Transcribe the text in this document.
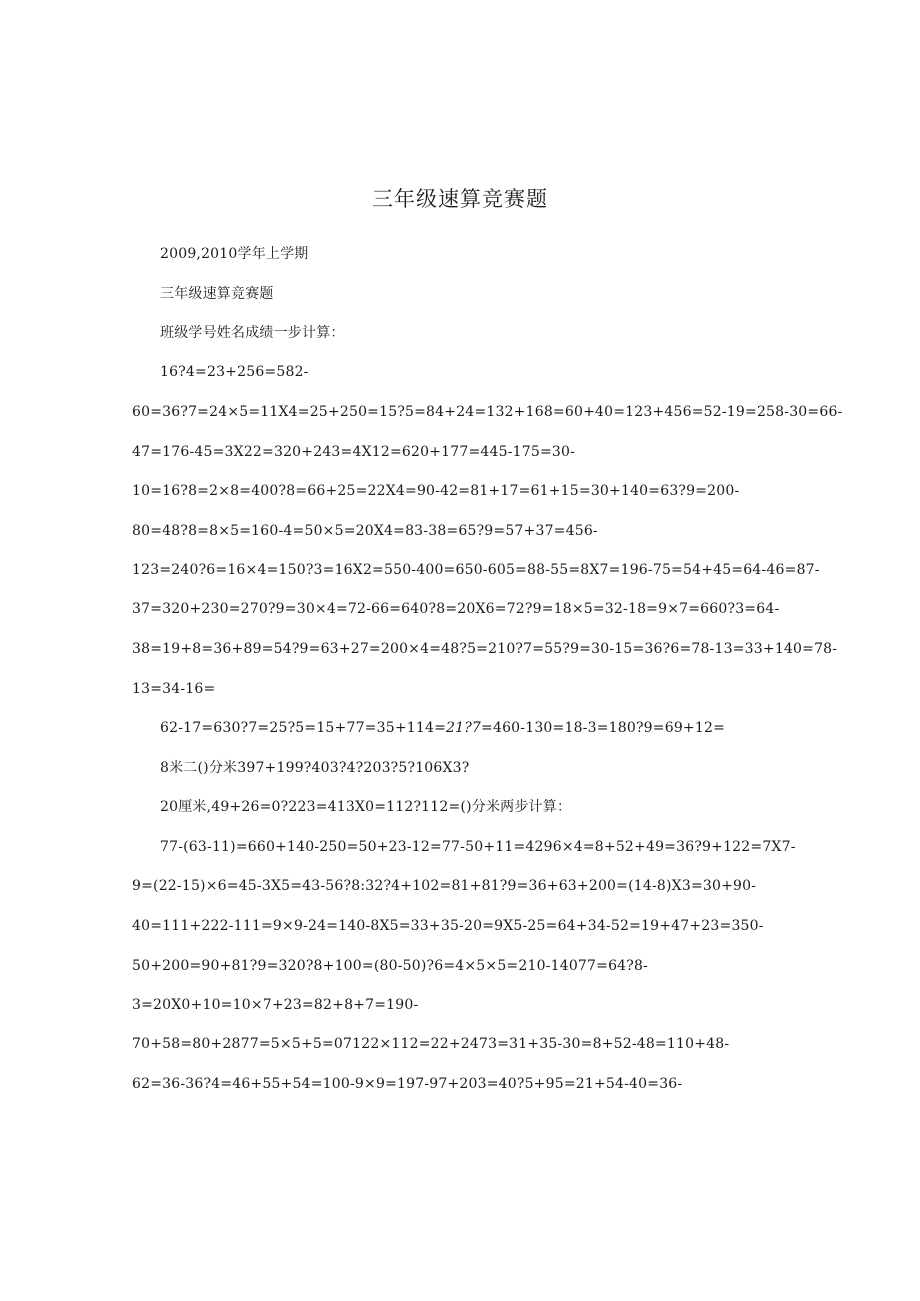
三年级速算竞赛题
2009,2010学年上学期
三年级速算竞赛题
班级学号姓名成绩一步计算：
16?4=23+256=582-
60=36?7=24×5=11X4=25+250=15?5=84+24=132+168=60+40=123+456=52-19=258-30=66-
47=176-45=3X22=320+243=4X12=620+177=445-175=30-
10=16?8=2×8=400?8=66+25=22X4=90-42=81+17=61+15=30+140=63?9=200-
80=48?8=8×5=160-4=50×5=20X4=83-38=65?9=57+37=456-
123=240?6=16×4=150?3=16X2=550-400=650-605=88-55=8X7=196-75=54+45=64-46=87-
37=320+230=270?9=30×4=72-66=640?8=20X6=72?9=18×5=32-18=9×7=660?3=64-
38=19+8=36+89=54?9=63+27=200×4=48?5=210?7=55?9=30-15=36?6=78-13=33+140=78-
13=34-16=
62-17=630?7=25?5=15+77=35+114=21?7=460-130=18-3=180?9=69+12=
8米二()分米397+199?403?4?203?5?106X3?
20厘米,49+26=0?223=413X0=112?112=()分米两步计算：
77-(63-11)=660+140-250=50+23-12=77-50+11=4296×4=8+52+49=36?9+122=7X7-
9=(22-15)×6=45-3X5=43-56?8:32?4+102=81+81?9=36+63+200=(14-8)X3=30+90-
40=111+222-111=9×9-24=140-8X5=33+35-20=9X5-25=64+34-52=19+47+23=350-
50+200=90+81?9=320?8+100=(80-50)?6=4×5×5=210-14077=64?8-
3=20X0+10=10×7+23=82+8+7=190-
70+58=80+2877=5×5+5=07122×112=22+2473=31+35-30=8+52-48=110+48-
62=36-36?4=46+55+54=100-9×9=197-97+203=40?5+95=21+54-40=36-
